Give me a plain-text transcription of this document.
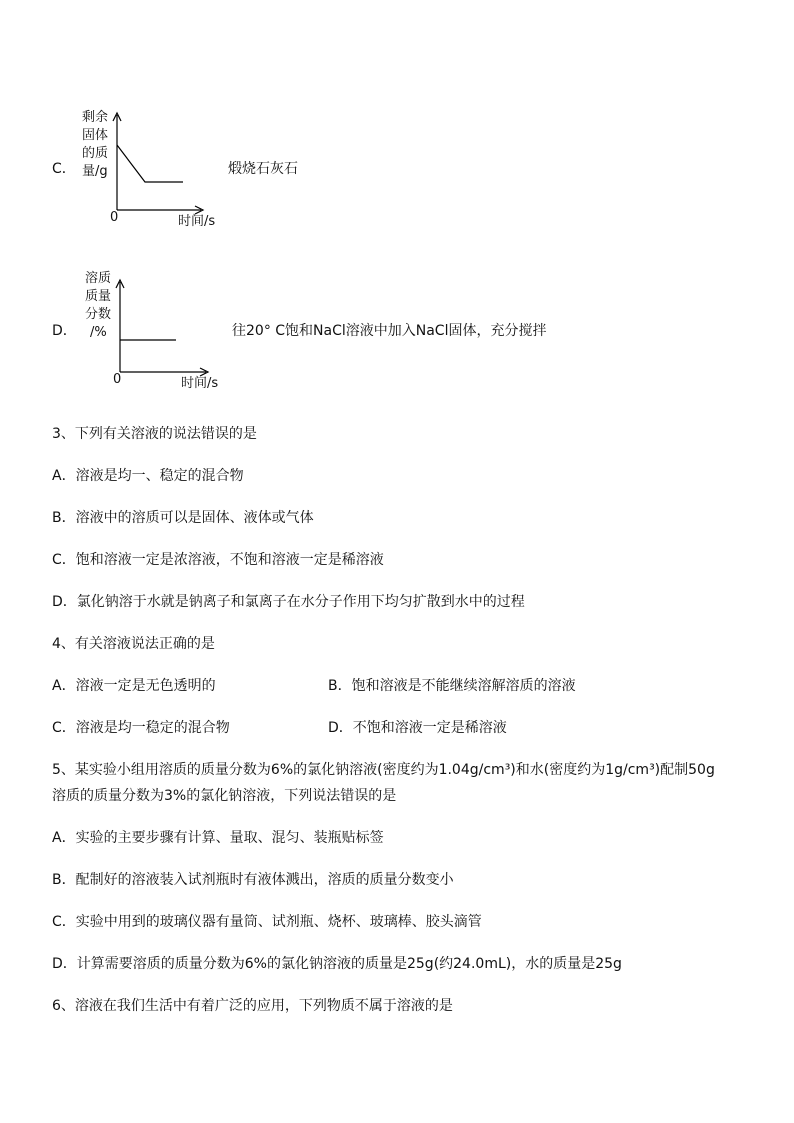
C．
剩余
固体
的质
量/g
0	时间/s
煅烧石灰石
D．
溶质
质量
分数
/%
0	时间/s
往20° C饱和NaCl溶液中加入NaCl固体，充分搅拌
3、下列有关溶液的说法错误的是
A．溶液是均一、稳定的混合物
B．溶液中的溶质可以是固体、液体或气体
C．饱和溶液一定是浓溶液，不饱和溶液一定是稀溶液
D．氯化钠溶于水就是钠离子和氯离子在水分子作用下均匀扩散到水中的过程
4、有关溶液说法正确的是
A．溶液一定是无色透明的	B．饱和溶液是不能继续溶解溶质的溶液
C．溶液是均一稳定的混合物	D．不饱和溶液一定是稀溶液
5、某实验小组用溶质的质量分数为6%的氯化钠溶液(密度约为1.04g/cm³)和水(密度约为1g/cm³)配制50g
溶质的质量分数为3%的氯化钠溶液，下列说法错误的是
A．实验的主要步骤有计算、量取、混匀、装瓶贴标签
B．配制好的溶液装入试剂瓶时有液体溅出，溶质的质量分数变小
C．实验中用到的玻璃仪器有量筒、试剂瓶、烧杯、玻璃棒、胶头滴管
D．计算需要溶质的质量分数为6%的氯化钠溶液的质量是25g(约24.0mL)，水的质量是25g
6、溶液在我们生活中有着广泛的应用，下列物质不属于溶液的是
